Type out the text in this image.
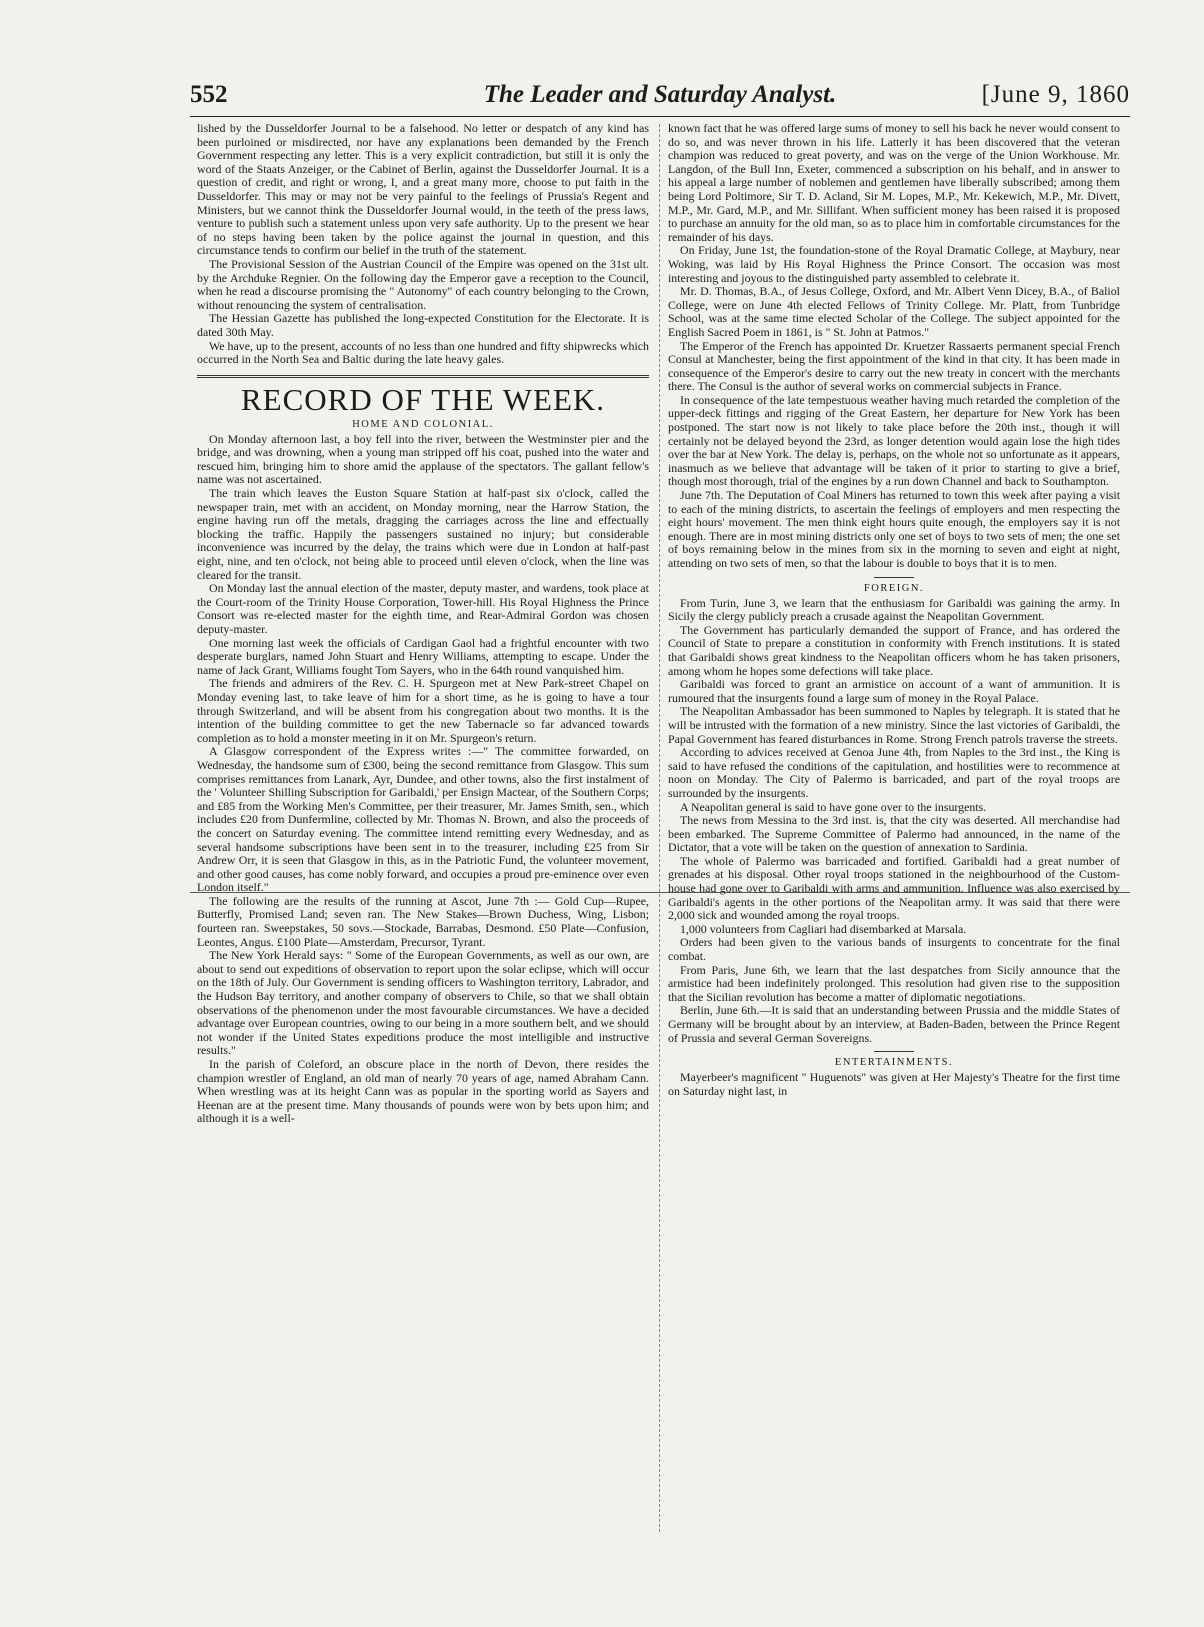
552	The Leader and Saturday Analyst.	[June 9, 1860

lished by the Dusseldorfer Journal to be a falsehood. No letter or despatch of any kind has been purloined or misdirected, nor have any explanations been demanded by the French Government respecting any letter. This is a very explicit contradiction, but still it is only the word of the Staats Anzeiger, or the Cabinet of Berlin, against the Dusseldorfer Journal. It is a question of credit, and right or wrong, I, and a great many more, choose to put faith in the Dusseldorfer. This may or may not be very painful to the feelings of Prussia's Regent and Ministers, but we cannot think the Dusseldorfer Journal would, in the teeth of the press laws, venture to publish such a statement unless upon very safe authority. Up to the present we hear of no steps having been taken by the police against the journal in question, and this circumstance tends to confirm our belief in the truth of the statement.

The Provisional Session of the Austrian Council of the Empire was opened on the 31st ult. by the Archduke Regnier. On the following day the Emperor gave a reception to the Council, when he read a discourse promising the " Autonomy" of each country belonging to the Crown, without renouncing the system of centralisation.

The Hessian Gazette has published the long-expected Constitution for the Electorate. It is dated 30th May.

We have, up to the present, accounts of no less than one hundred and fifty shipwrecks which occurred in the North Sea and Baltic during the late heavy gales.

RECORD OF THE WEEK.
HOME AND COLONIAL.

On Monday afternoon last, a boy fell into the river, between the Westminster pier and the bridge, and was drowning, when a young man stripped off his coat, pushed into the water and rescued him, bringing him to shore amid the applause of the spectators. The gallant fellow's name was not ascertained.

The train which leaves the Euston Square Station at half-past six o'clock, called the newspaper train, met with an accident, on Monday morning, near the Harrow Station, the engine having run off the metals, dragging the carriages across the line and effectually blocking the traffic. Happily the passengers sustained no injury; but considerable inconvenience was incurred by the delay, the trains which were due in London at half-past eight, nine, and ten o'clock, not being able to proceed until eleven o'clock, when the line was cleared for the transit.

On Monday last the annual election of the master, deputy master, and wardens, took place at the Court-room of the Trinity House Corporation, Tower-hill. His Royal Highness the Prince Consort was re-elected master for the eighth time, and Rear-Admiral Gordon was chosen deputy-master.

One morning last week the officials of Cardigan Gaol had a frightful encounter with two desperate burglars, named John Stuart and Henry Williams, attempting to escape. Under the name of Jack Grant, Williams fought Tom Sayers, who in the 64th round vanquished him.

The friends and admirers of the Rev. C. H. Spurgeon met at New Park-street Chapel on Monday evening last, to take leave of him for a short time, as he is going to have a tour through Switzerland, and will be absent from his congregation about two months. It is the intention of the building committee to get the new Tabernacle so far advanced towards completion as to hold a monster meeting in it on Mr. Spurgeon's return.

A Glasgow correspondent of the Express writes :—" The committee forwarded, on Wednesday, the handsome sum of £300, being the second remittance from Glasgow. This sum comprises remittances from Lanark, Ayr, Dundee, and other towns, also the first instalment of the ' Volunteer Shilling Subscription for Garibaldi,' per Ensign Mactear, of the Southern Corps; and £85 from the Working Men's Committee, per their treasurer, Mr. James Smith, sen., which includes £20 from Dunfermline, collected by Mr. Thomas N. Brown, and also the proceeds of the concert on Saturday evening. The committee intend remitting every Wednesday, and as several handsome subscriptions have been sent in to the treasurer, including £25 from Sir Andrew Orr, it is seen that Glasgow in this, as in the Patriotic Fund, the volunteer movement, and other good causes, has come nobly forward, and occupies a proud pre-eminence over even London itself."

The following are the results of the running at Ascot, June 7th :— Gold Cup—Rupee, Butterfly, Promised Land; seven ran. The New Stakes—Brown Duchess, Wing, Lisbon; fourteen ran. Sweepstakes, 50 sovs.—Stockade, Barrabas, Desmond. £50 Plate—Confusion, Leontes, Angus. £100 Plate—Amsterdam, Precursor, Tyrant.

The New York Herald says: " Some of the European Governments, as well as our own, are about to send out expeditions of observation to report upon the solar eclipse, which will occur on the 18th of July. Our Government is sending officers to Washington territory, Labrador, and the Hudson Bay territory, and another company of observers to Chile, so that we shall obtain observations of the phenomenon under the most favourable circumstances. We have a decided advantage over European countries, owing to our being in a more southern belt, and we should not wonder if the United States expeditions produce the most intelligible and instructive results."

In the parish of Coleford, an obscure place in the north of Devon, there resides the champion wrestler of England, an old man of nearly 70 years of age, named Abraham Cann. When wrestling was at its height Cann was as popular in the sporting world as Sayers and Heenan are at the present time. Many thousands of pounds were won by bets upon him; and although it is a well-

known fact that he was offered large sums of money to sell his back he never would consent to do so, and was never thrown in his life. Latterly it has been discovered that the veteran champion was reduced to great poverty, and was on the verge of the Union Workhouse. Mr. Langdon, of the Bull Inn, Exeter, commenced a subscription on his behalf, and in answer to his appeal a large number of noblemen and gentlemen have liberally subscribed; among them being Lord Poltimore, Sir T. D. Acland, Sir M. Lopes, M.P., Mr. Kekewich, M.P., Mr. Divett, M.P., Mr. Gard, M.P., and Mr. Sillifant. When sufficient money has been raised it is proposed to purchase an annuity for the old man, so as to place him in comfortable circumstances for the remainder of his days.

On Friday, June 1st, the foundation-stone of the Royal Dramatic College, at Maybury, near Woking, was laid by His Royal Highness the Prince Consort. The occasion was most interesting and joyous to the distinguished party assembled to celebrate it.

Mr. D. Thomas, B.A., of Jesus College, Oxford, and Mr. Albert Venn Dicey, B.A., of Baliol College, were on June 4th elected Fellows of Trinity College. Mr. Platt, from Tunbridge School, was at the same time elected Scholar of the College. The subject appointed for the English Sacred Poem in 1861, is " St. John at Patmos."

The Emperor of the French has appointed Dr. Kruetzer Rassaerts permanent special French Consul at Manchester, being the first appointment of the kind in that city. It has been made in consequence of the Emperor's desire to carry out the new treaty in concert with the merchants there. The Consul is the author of several works on commercial subjects in France.

In consequence of the late tempestuous weather having much retarded the completion of the upper-deck fittings and rigging of the Great Eastern, her departure for New York has been postponed. The start now is not likely to take place before the 20th inst., though it will certainly not be delayed beyond the 23rd, as longer detention would again lose the high tides over the bar at New York. The delay is, perhaps, on the whole not so unfortunate as it appears, inasmuch as we believe that advantage will be taken of it prior to starting to give a brief, though most thorough, trial of the engines by a run down Channel and back to Southampton.

June 7th. The Deputation of Coal Miners has returned to town this week after paying a visit to each of the mining districts, to ascertain the feelings of employers and men respecting the eight hours' movement. The men think eight hours quite enough, the employers say it is not enough. There are in most mining districts only one set of boys to two sets of men; the one set of boys remaining below in the mines from six in the morning to seven and eight at night, attending on two sets of men, so that the labour is double to boys that it is to men.

FOREIGN.

From Turin, June 3, we learn that the enthusiasm for Garibaldi was gaining the army. In Sicily the clergy publicly preach a crusade against the Neapolitan Government.

The Government has particularly demanded the support of France, and has ordered the Council of State to prepare a constitution in conformity with French institutions. It is stated that Garibaldi shows great kindness to the Neapolitan officers whom he has taken prisoners, among whom he hopes some defections will take place.

Garibaldi was forced to grant an armistice on account of a want of ammunition. It is rumoured that the insurgents found a large sum of money in the Royal Palace.

The Neapolitan Ambassador has been summoned to Naples by telegraph. It is stated that he will be intrusted with the formation of a new ministry. Since the last victories of Garibaldi, the Papal Government has feared disturbances in Rome. Strong French patrols traverse the streets.

According to advices received at Genoa June 4th, from Naples to the 3rd inst., the King is said to have refused the conditions of the capitulation, and hostilities were to recommence at noon on Monday. The City of Palermo is barricaded, and part of the royal troops are surrounded by the insurgents.

A Neapolitan general is said to have gone over to the insurgents.

The news from Messina to the 3rd inst. is, that the city was deserted. All merchandise had been embarked. The Supreme Committee of Palermo had announced, in the name of the Dictator, that a vote will be taken on the question of annexation to Sardinia.

The whole of Palermo was barricaded and fortified. Garibaldi had a great number of grenades at his disposal. Other royal troops stationed in the neighbourhood of the Custom-house had gone over to Garibaldi with arms and ammunition. Influence was also exercised by Garibaldi's agents in the other portions of the Neapolitan army. It was said that there were 2,000 sick and wounded among the royal troops.

1,000 volunteers from Cagliari had disembarked at Marsala.

Orders had been given to the various bands of insurgents to concentrate for the final combat.

From Paris, June 6th, we learn that the last despatches from Sicily announce that the armistice had been indefinitely prolonged. This resolution had given rise to the supposition that the Sicilian revolution has become a matter of diplomatic negotiations.

Berlin, June 6th.—It is said that an understanding between Prussia and the middle States of Germany will be brought about by an interview, at Baden-Baden, between the Prince Regent of Prussia and several German Sovereigns.

ENTERTAINMENTS.

Mayerbeer's magnificent " Huguenots" was given at Her Majesty's Theatre for the first time on Saturday night last, in
